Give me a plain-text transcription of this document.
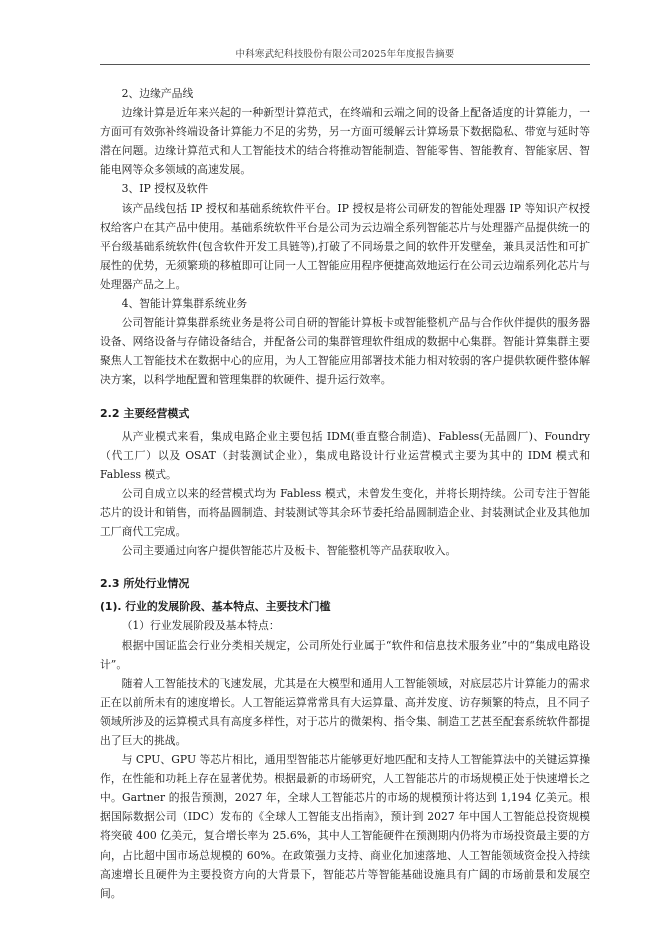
中科寒武纪科技股份有限公司2025年年度报告摘要

2、边缘产品线

边缘计算是近年来兴起的一种新型计算范式，在终端和云端之间的设备上配备适度的计算能力，一方面可有效弥补终端设备计算能力不足的劣势，另一方面可缓解云计算场景下数据隐私、带宽与延时等潜在问题。边缘计算范式和人工智能技术的结合将推动智能制造、智能零售、智能教育、智能家居、智能电网等众多领域的高速发展。

3、IP 授权及软件

该产品线包括 IP 授权和基础系统软件平台。IP 授权是将公司研发的智能处理器 IP 等知识产权授权给客户在其产品中使用。基础系统软件平台是公司为云边端全系列智能芯片与处理器产品提供统一的平台级基础系统软件(包含软件开发工具链等),打破了不同场景之间的软件开发壁垒，兼具灵活性和可扩展性的优势，无须繁琐的移植即可让同一人工智能应用程序便捷高效地运行在公司云边端系列化芯片与处理器产品之上。

4、智能计算集群系统业务

公司智能计算集群系统业务是将公司自研的智能计算板卡或智能整机产品与合作伙伴提供的服务器设备、网络设备与存储设备结合，并配备公司的集群管理软件组成的数据中心集群。智能计算集群主要聚焦人工智能技术在数据中心的应用，为人工智能应用部署技术能力相对较弱的客户提供软硬件整体解决方案，以科学地配置和管理集群的软硬件、提升运行效率。

2.2 主要经营模式

从产业模式来看，集成电路企业主要包括 IDM(垂直整合制造)、Fabless(无晶圆厂)、Foundry（代工厂）以及 OSAT（封装测试企业），集成电路设计行业运营模式主要为其中的 IDM 模式和 Fabless 模式。

公司自成立以来的经营模式均为 Fabless 模式，未曾发生变化，并将长期持续。公司专注于智能芯片的设计和销售，而将晶圆制造、封装测试等其余环节委托给晶圆制造企业、封装测试企业及其他加工厂商代工完成。

公司主要通过向客户提供智能芯片及板卡、智能整机等产品获取收入。

2.3 所处行业情况

(1). 行业的发展阶段、基本特点、主要技术门槛

（1）行业发展阶段及基本特点：

根据中国证监会行业分类相关规定，公司所处行业属于“软件和信息技术服务业”中的“集成电路设计”。

随着人工智能技术的飞速发展，尤其是在大模型和通用人工智能领域，对底层芯片计算能力的需求正在以前所未有的速度增长。人工智能运算常常具有大运算量、高并发度、访存频繁的特点，且不同子领域所涉及的运算模式具有高度多样性，对于芯片的微架构、指令集、制造工艺甚至配套系统软件都提出了巨大的挑战。

与 CPU、GPU 等芯片相比，通用型智能芯片能够更好地匹配和支持人工智能算法中的关键运算操作，在性能和功耗上存在显著优势。根据最新的市场研究，人工智能芯片的市场规模正处于快速增长之中。Gartner 的报告预测，2027 年，全球人工智能芯片的市场的规模预计将达到 1,194 亿美元。根据国际数据公司（IDC）发布的《全球人工智能支出指南》，预计到 2027 年中国人工智能总投资规模将突破 400 亿美元，复合增长率为 25.6%，其中人工智能硬件在预测期内仍将为市场投资最主要的方向，占比超中国市场总规模的 60%。在政策强力支持、商业化加速落地、人工智能领域资金投入持续高速增长且硬件为主要投资方向的大背景下，智能芯片等智能基础设施具有广阔的市场前景和发展空间。
